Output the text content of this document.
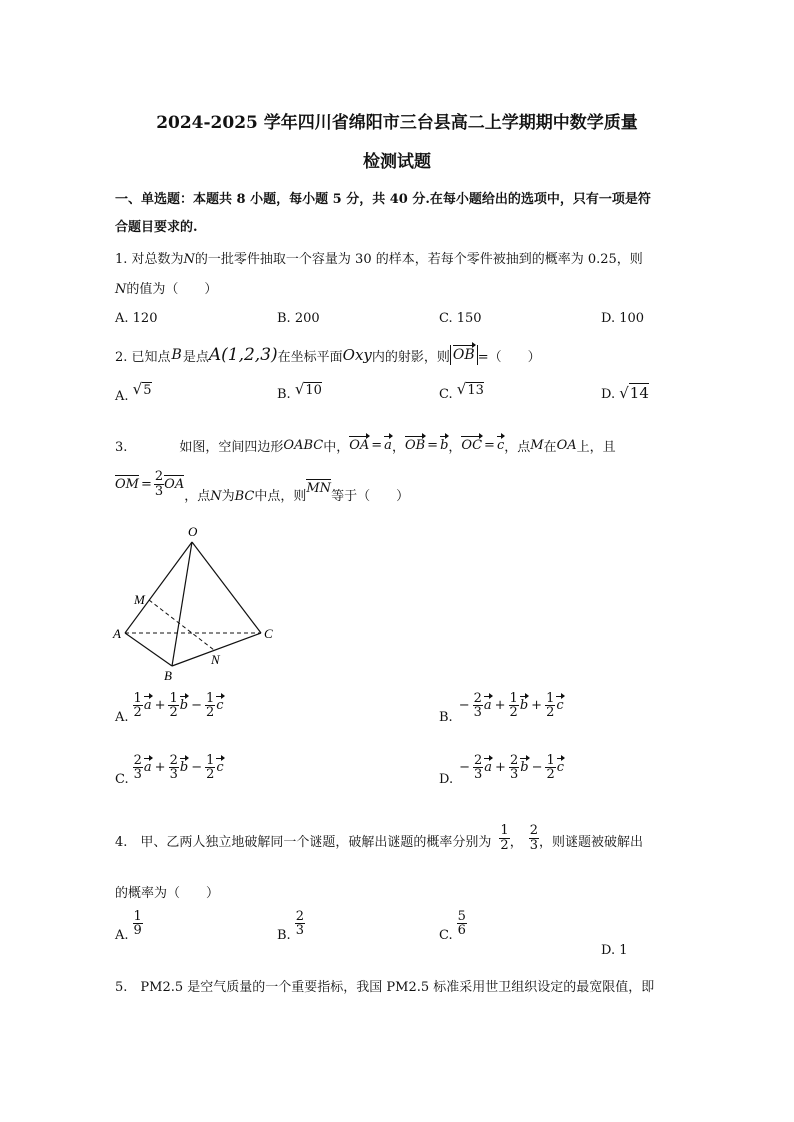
2024-2025 学年四川省绵阳市三台县高二上学期期中数学质量
检测试题
一、单选题：本题共 8 小题，每小题 5 分，共 40 分.在每小题给出的选项中，只有一项是符
合题目要求的.
1. 对总数为N的一批零件抽取一个容量为 30 的样本，若每个零件被抽到的概率为 0.25，则
N的值为（　　）
A. 120	B. 200	C. 150	D. 100
2. 已知点 B 是点 A(1,2,3) 在坐标平面 Oxy 内的射影，则 OB =（　　）
A. √5	B. √10	C. √13	D. √14
3.　　　　如图，空间四边形 OABC 中， OA = a ， OB = b ， OC = c ，点 M 在 OA 上，且
OM = $\frac{2}{3}$ OA
，点N为BC中点，则MN等于（　　）
O
M
A	C
N
B
A.
1
2 $a + \frac{1}{2}$ $b - \frac{1}{2}$ c
B.
− $\frac{2}{3}$ $a + \frac{1}{2}$ $b + \frac{1}{2}$ c
C.
2
3 $a + \frac{2}{3}$ $b - \frac{1}{2}$ c
D.
− $\frac{2}{3}$ $a + \frac{2}{3}$ $b - \frac{1}{2}$ c
4.　甲、乙两人独立地破解同一个谜题，破解出谜题的概率分别为 $\frac{1}{2}$ ， $\frac{2}{3}$ ，则谜题被破解出
的概率为（　　）
A.
1
9	B.
2
3	C.
5
6
D. 1
5.　PM2.5 是空气质量的一个重要指标，我国 PM2.5 标准采用世卫组织设定的最宽限值，即
